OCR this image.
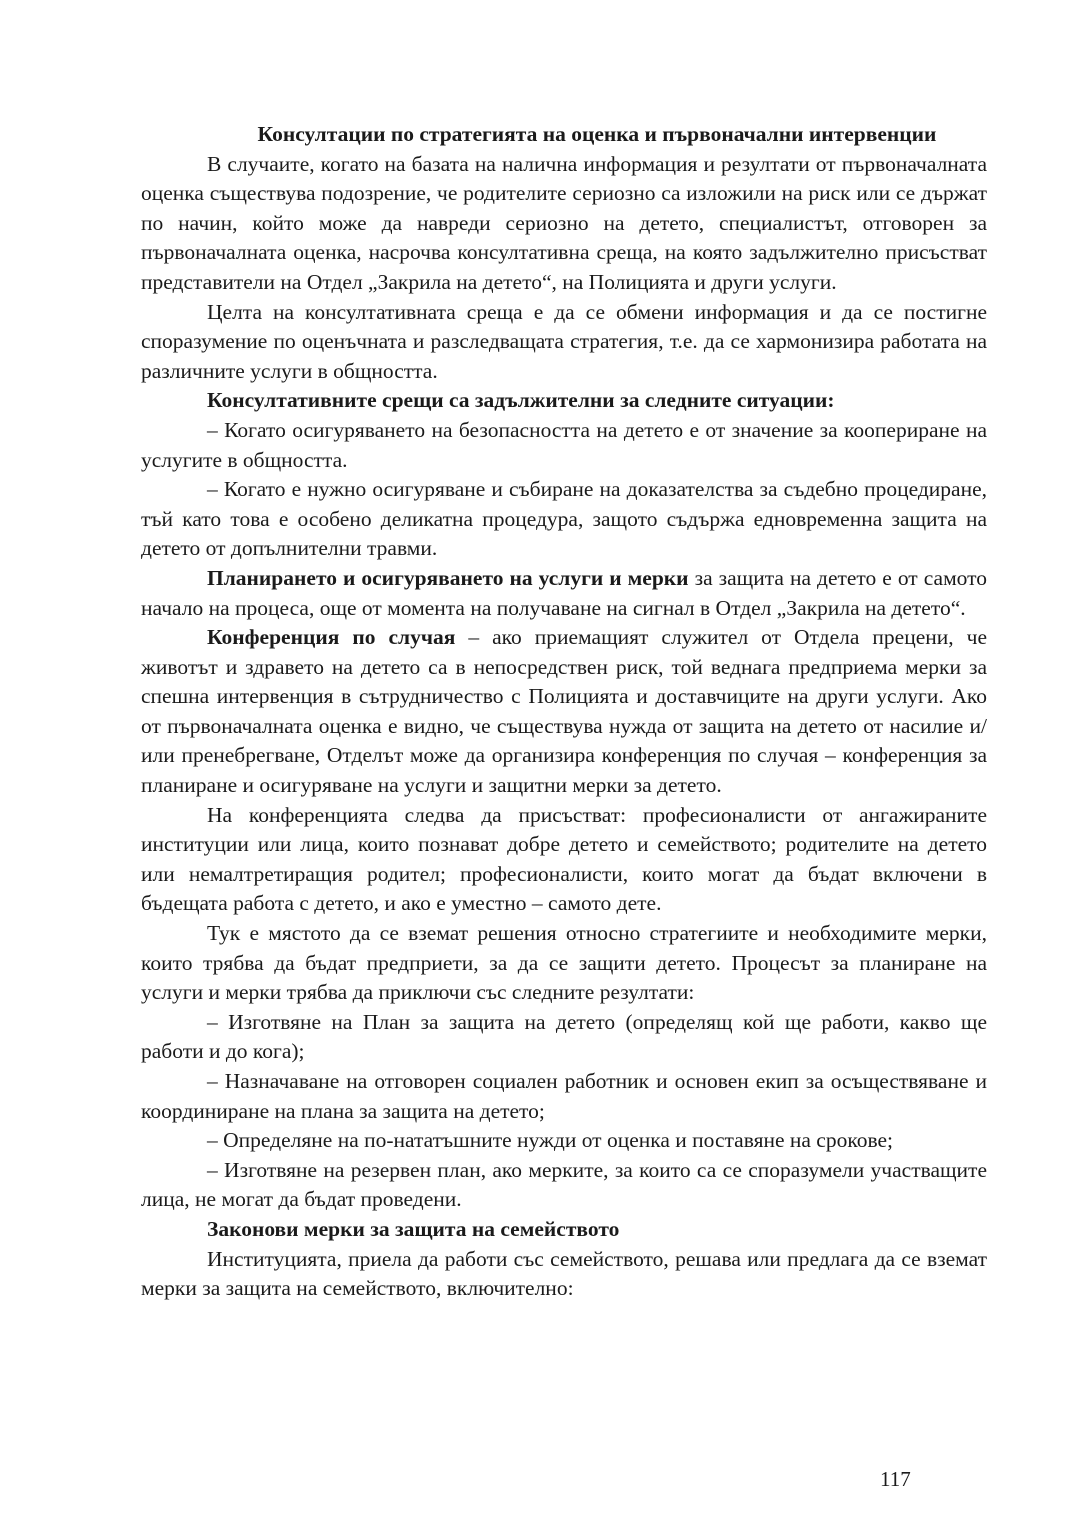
Консултации по стратегията на оценка и първоначални интервенции

В случаите, когато на базата на налична информация и резултати от първоначалната оценка съществува подозрение, че родителите сериозно са изложили на риск или се държат по начин, който може да навреди сериозно на детето, специалистът, отговорен за първоначалната оценка, насрочва консултативна среща, на която задължително присъстват представители на Отдел „Закрила на детето“, на Полицията и други услуги.

Целта на консултативната среща е да се обмени информация и да се постигне споразумение по оценъчната и разследващата стратегия, т.е. да се хармонизира работата на различните услуги в общността.

Консултативните срещи са задължителни за следните ситуации:

– Когато осигуряването на безопасността на детето е от значение за коопериране на услугите в общността.

– Когато е нужно осигуряване и събиране на доказателства за съдебно процедиране, тъй като това е особено деликатна процедура, защото съдържа едновременна защита на детето от допълнителни травми.

Планирането и осигуряването на услуги и мерки за защита на детето е от самото начало на процеса, още от момента на получаване на сигнал в Отдел „Закрила на детето“.

Конференция по случая – ако приемащият служител от Отдела прецени, че животът и здравето на детето са в непосредствен риск, той веднага предприема мерки за спешна интервенция в сътрудничество с Полицията и доставчиците на други услуги. Ако от първоначалната оценка е видно, че съществува нужда от защита на детето от насилие и/или пренебрегване, Отделът може да организира конференция по случая – конференция за планиране и осигуряване на услуги и защитни мерки за детето.

На конференцията следва да присъстват: професионалисти от ангажираните институции или лица, които познават добре детето и семейството; родителите на детето или немалтретиращия родител; професионалисти, които могат да бъдат включени в бъдещата работа с детето, и ако е уместно – самото дете.

Тук е мястото да се вземат решения относно стратегиите и необходимите мерки, които трябва да бъдат предприети, за да се защити детето. Процесът за планиране на услуги и мерки трябва да приключи със следните резултати:

– Изготвяне на План за защита на детето (определящ кой ще работи, какво ще работи и до кога);

– Назначаване на отговорен социален работник и основен екип за осъществяване и координиране на плана за защита на детето;

– Определяне на по-нататъшните нужди от оценка и поставяне на срокове;

– Изготвяне на резервен план, ако мерките, за които са се споразумели участващите лица, не могат да бъдат проведени.

Законови мерки за защита на семейството

Институцията, приела да работи със семейството, решава или предлага да се вземат мерки за защита на семейството, включително:

117
